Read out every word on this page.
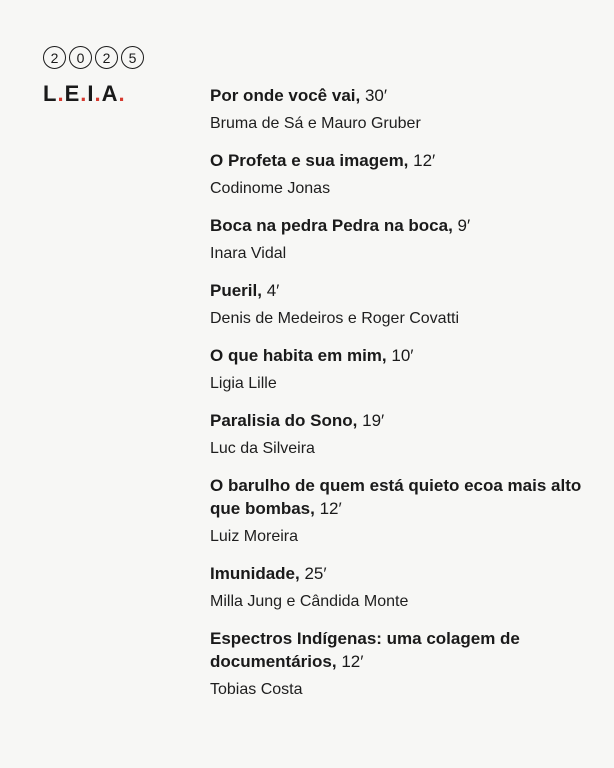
2	0	2	5
L . E . I . A .	Por onde você vai, 30′
Bruma de Sá e Mauro Gruber
O Profeta e sua imagem, 12′
Codinome Jonas
Boca na pedra Pedra na boca, 9′
Inara Vidal
Pueril, 4′
Denis de Medeiros e Roger Covatti
O que habita em mim, 10′
Ligia Lille
Paralisia do Sono, 19′
Luc da Silveira
O barulho de quem está quieto ecoa mais alto que bombas, 12′
Luiz Moreira
Imunidade, 25′
Milla Jung e Cândida Monte
Espectros Indígenas: uma colagem de documentários, 12′
Tobias Costa
